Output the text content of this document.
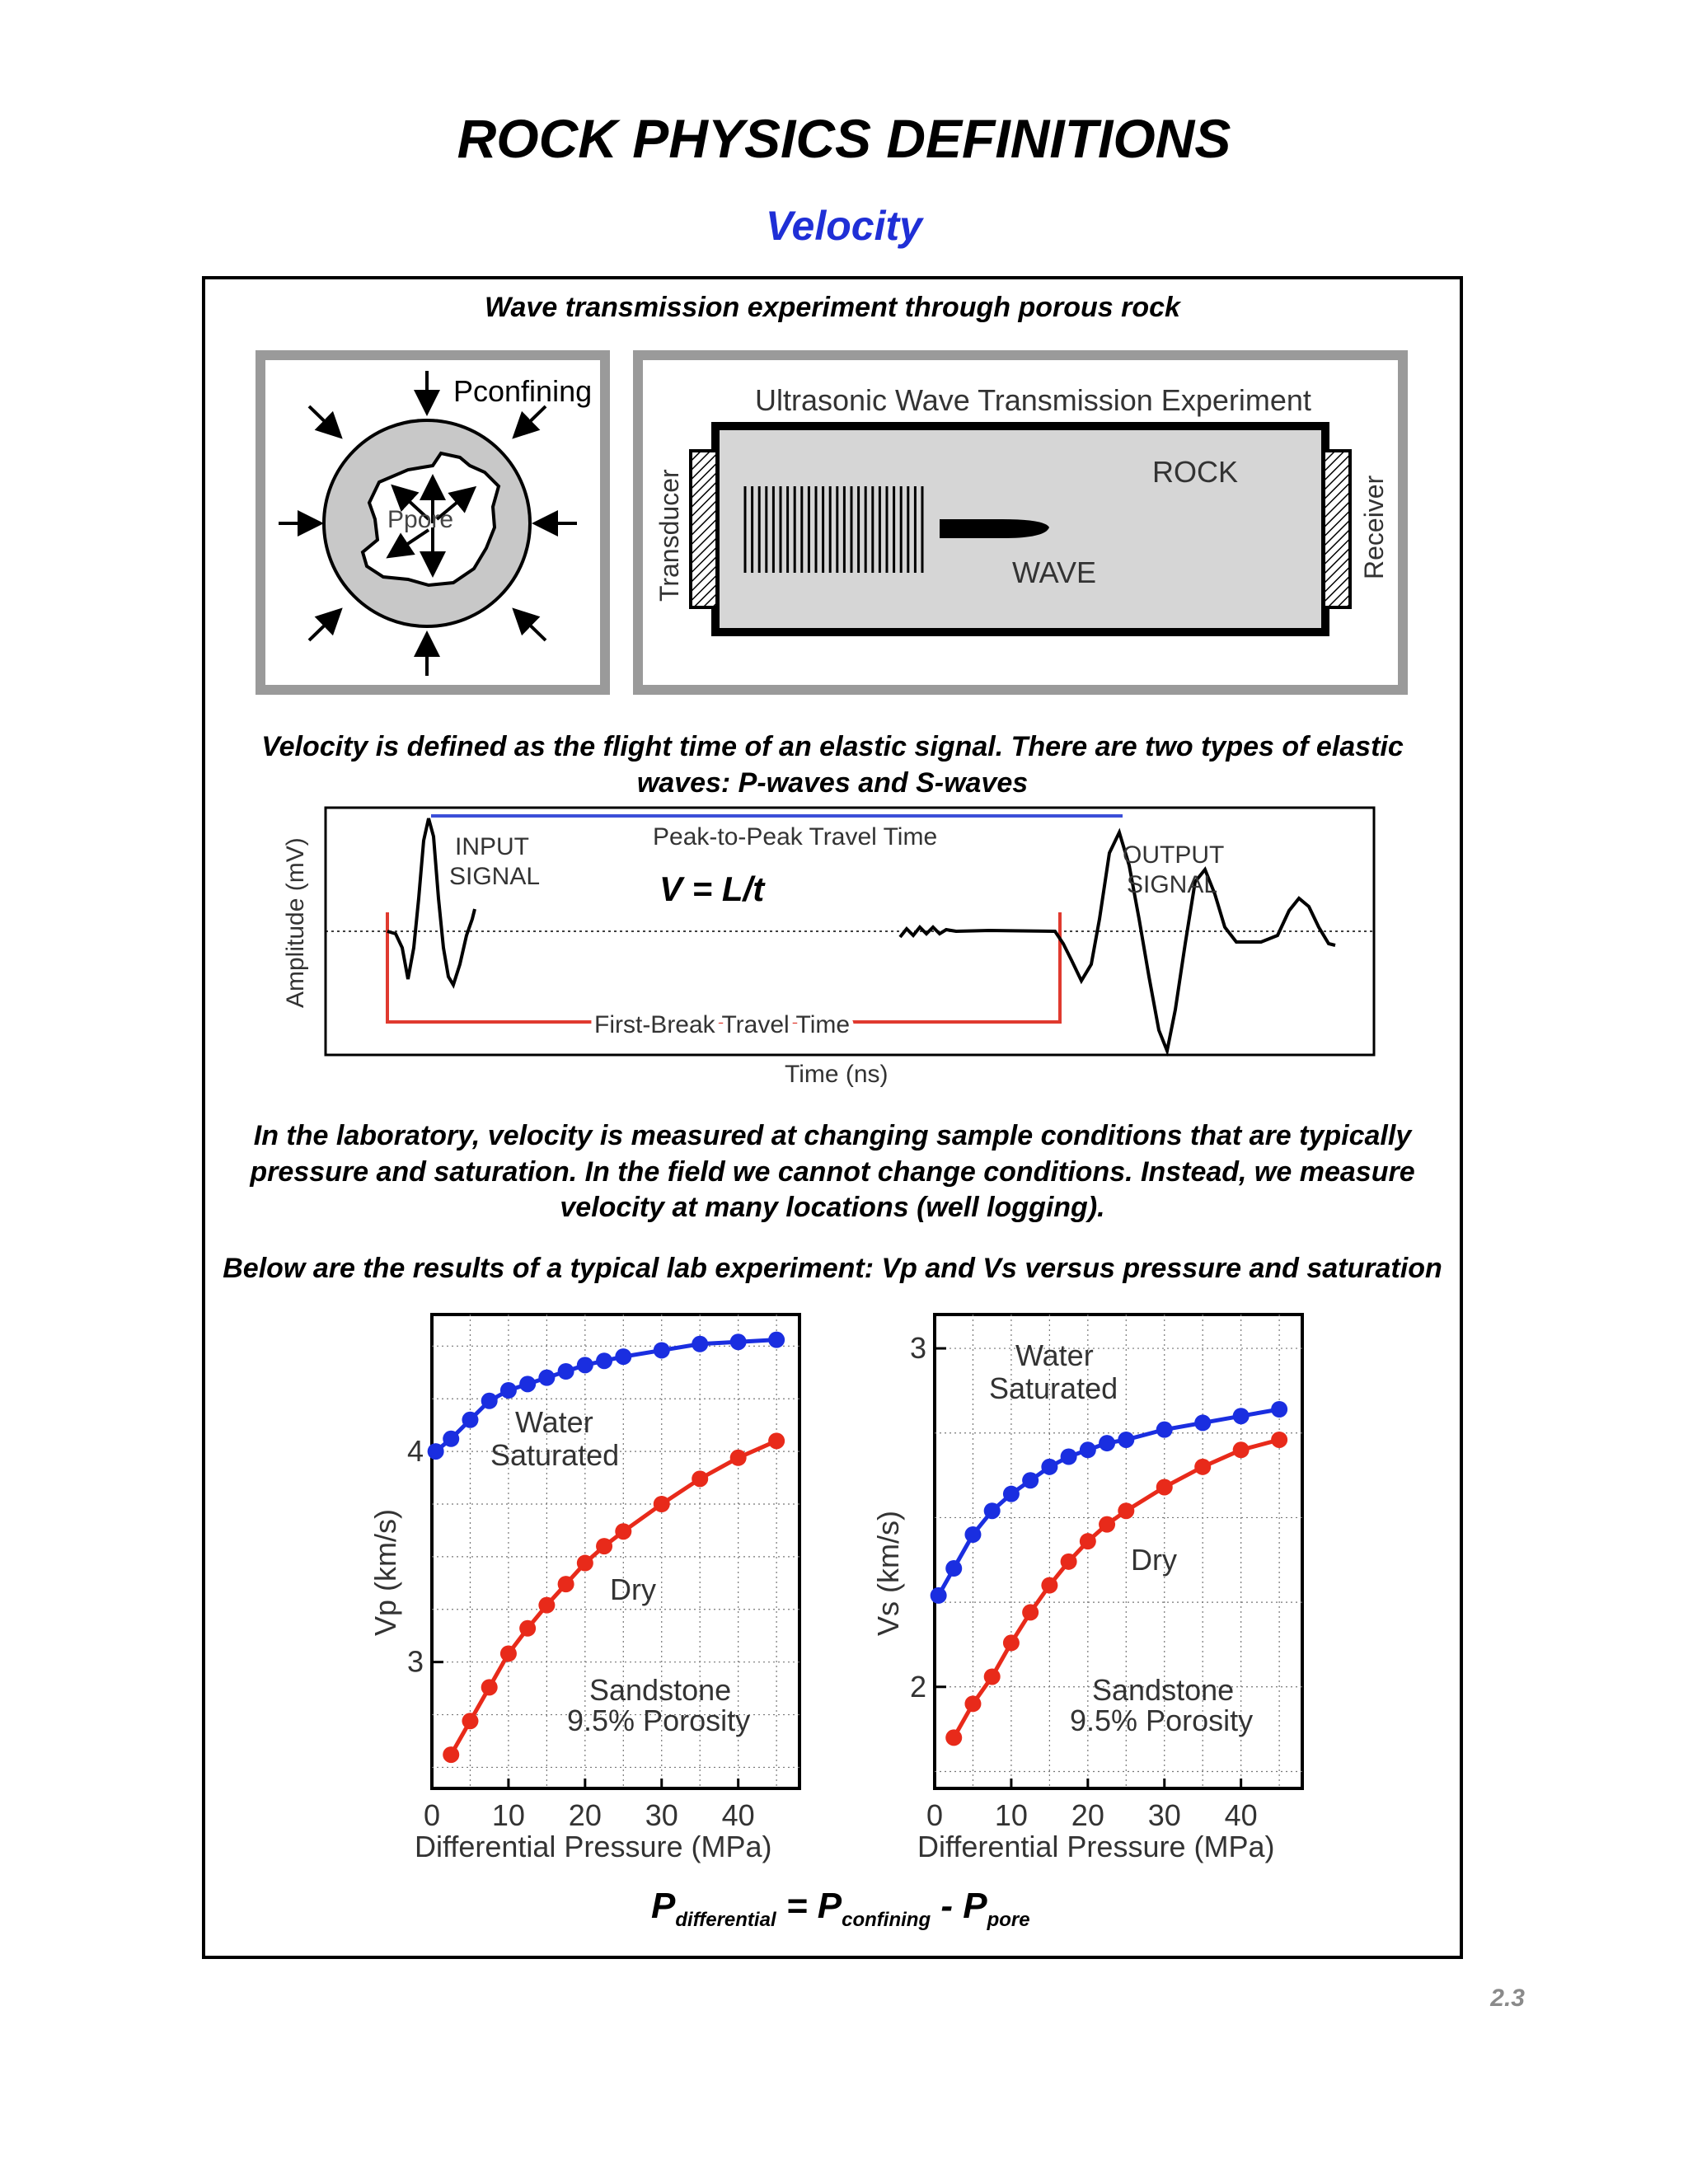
ROCK PHYSICS DEFINITIONS
Velocity
Wave transmission experiment through porous rock
Pconfining
Ppore
Ultrasonic Wave Transmission Experiment
ROCK
WAVE
Transducer	Receiver
Velocity is defined as the flight time of an elastic signal. There are two types of elastic waves: P-waves and S-waves
INPUT
SIGNAL
OUTPUT
SIGNAL
Peak-to-Peak Travel Time
First-Break Travel Time
V = L/t
Time (ns)
Amplitude (mV)
In the laboratory, velocity is measured at changing sample conditions that are typically pressure and saturation. In the field we cannot change conditions. Instead, we measure velocity at many locations (well logging).
Below are the results of a typical lab experiment: Vp and Vs versus pressure and saturation
0 10 20 30 40
3
4
Water
Saturated
Dry
Sandstone
9.5% Porosity
Differential Pressure (MPa)
Vp (km/s)
0 10 20 30 40
2
3	Water
Saturated
Dry
Sandstone
9.5% Porosity
Differential Pressure (MPa)
Vs (km/s)
$P_{differential} = P_{confining} - P_{pore}$
2.3
